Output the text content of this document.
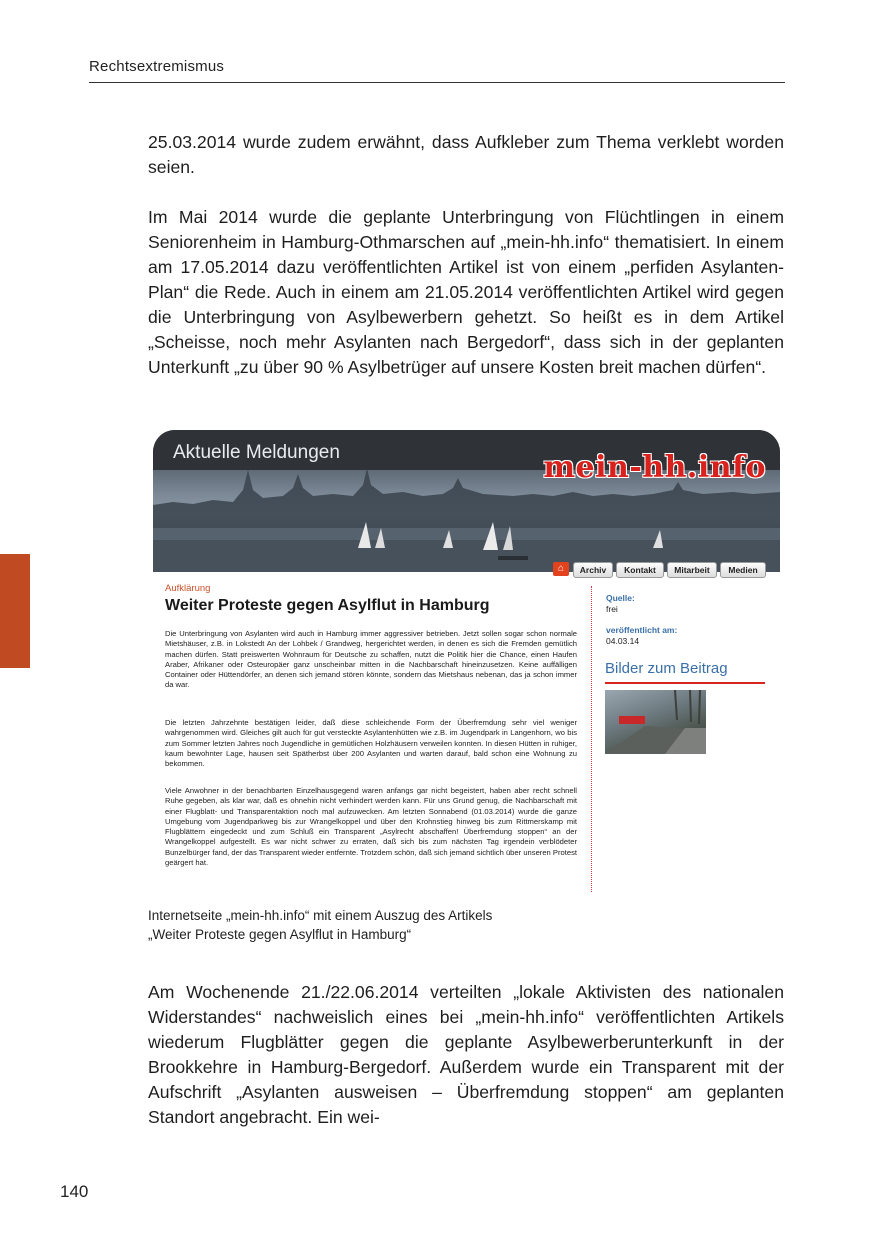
Rechtsextremismus

25.03.2014 wurde zudem erwähnt, dass Aufkleber zum Thema verklebt worden seien.

Im Mai 2014 wurde die geplante Unterbringung von Flüchtlingen in einem Seniorenheim in Hamburg-Othmarschen auf „mein-hh.info“ thematisiert. In einem am 17.05.2014 dazu veröffentlichten Artikel ist von einem „perfiden Asylanten-Plan“ die Rede. Auch in einem am 21.05.2014 veröffentlichten Artikel wird gegen die Unterbringung von Asylbewerbern gehetzt. So heißt es in dem Artikel „Scheisse, noch mehr Asylanten nach Bergedorf“, dass sich in der geplanten Unterkunft „zu über 90 % Asylbetrüger auf unsere Kosten breit machen dürfen“.

Aktuelle Meldungen	mein-hh.info
⌂	Archiv	Kontakt	Mitarbeit	Medien
Aufklärung
Weiter Proteste gegen Asylflut in Hamburg

Die Unterbringung von Asylanten wird auch in Hamburg immer aggressiver betrieben. Jetzt sollen sogar schon normale Mietshäuser, z.B. in Lokstedt An der Lohbek / Grandweg, hergerichtet werden, in denen es sich die Fremden gemütlich machen dürfen. Statt preiswerten Wohnraum für Deutsche zu schaffen, nutzt die Politik hier die Chance, einen Haufen Araber, Afrikaner oder Osteuropäer ganz unscheinbar mitten in die Nachbarschaft hineinzusetzen. Keine auffälligen Container oder Hüttendörfer, an denen sich jemand stören könnte, sondern das Mietshaus nebenan, das ja schon immer da war.

Die letzten Jahrzehnte bestätigen leider, daß diese schleichende Form der Überfremdung sehr viel weniger wahrgenommen wird. Gleiches gilt auch für gut versteckte Asylantenhütten wie z.B. im Jugendpark in Langenhorn, wo bis zum Sommer letzten Jahres noch Jugendliche in gemütlichen Holzhäusern verweilen konnten. In diesen Hütten in ruhiger, kaum bewohnter Lage, hausen seit Spätherbst über 200 Asylanten und warten darauf, bald schon eine Wohnung zu bekommen.

Viele Anwohner in der benachbarten Einzelhausgegend waren anfangs gar nicht begeistert, haben aber recht schnell Ruhe gegeben, als klar war, daß es ohnehin nicht verhindert werden kann. Für uns Grund genug, die Nachbarschaft mit einer Flugblatt- und Transparentaktion noch mal aufzuwecken. Am letzten Sonnabend (01.03.2014) wurde die ganze Umgebung vom Jugendparkweg bis zur Wrangelkoppel und über den Krohnstieg hinweg bis zum Rittmerskamp mit Flugblättern eingedeckt und zum Schluß ein Transparent „Asylrecht abschaffen! Überfremdung stoppen“ an der Wrangelkoppel aufgestellt. Es war nicht schwer zu erraten, daß sich bis zum nächsten Tag irgendein verblödeter Bunzelbürger fand, der das Transparent wieder entfernte. Trotzdem schön, daß sich jemand sichtlich über unseren Protest geärgert hat.

Quelle:
frei
veröffentlicht am:
04.03.14
Bilder zum Beitrag
Internetseite „mein-hh.info“ mit einem Auszug des Artikels
„Weiter Proteste gegen Asylflut in Hamburg“

Am Wochenende 21./22.06.2014 verteilten „lokale Aktivisten des nationalen Widerstandes“ nachweislich eines bei „mein-hh.info“ veröffentlichten Artikels wiederum Flugblätter gegen die geplante Asylbewerberunterkunft in der Brookkehre in Hamburg-Bergedorf. Außerdem wurde ein Transparent mit der Aufschrift „Asylanten ausweisen – Überfremdung stoppen“ am geplanten Standort angebracht. Ein wei-

140
